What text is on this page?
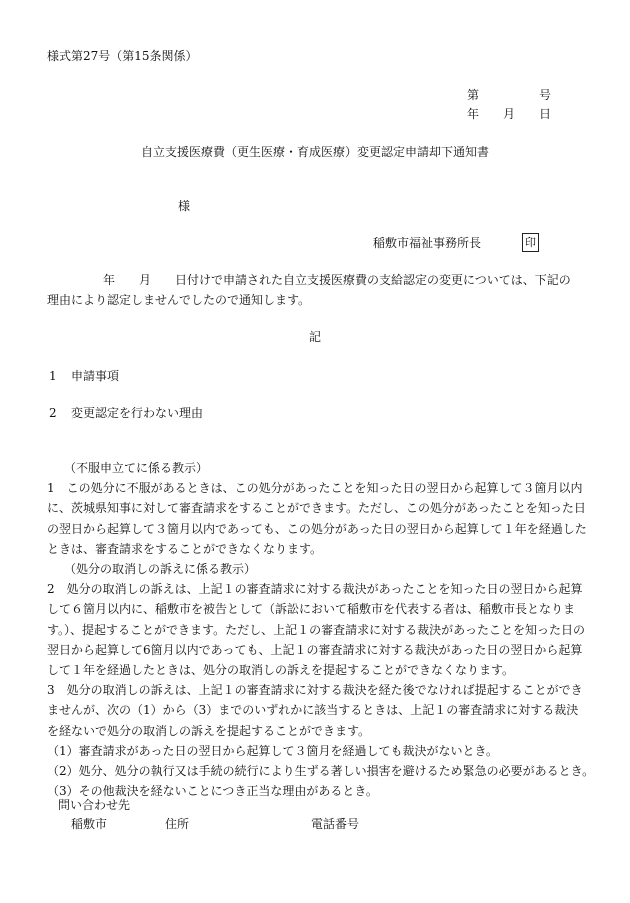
様式第27号（第15条関係）
第	号
年 月 日
自立支援医療費（更生医療・育成医療）変更認定申請却下通知書
様
稲敷市福祉事務所長	印
年 月 日付けで申請された自立支援医療費の支給認定の変更については、下記の理由により認定しませんでしたので通知します。
記
1 申請事項
2 変更認定を行わない理由
（不服申立てに係る教示）
1　この処分に不服があるときは、この処分があったことを知った日の翌日から起算して３箇月以内
に、茨城県知事に対して審査請求をすることができます。ただし、この処分があったことを知った日
の翌日から起算して３箇月以内であっても、この処分があった日の翌日から起算して１年を経過した
ときは、審査請求をすることができなくなります。
（処分の取消しの訴えに係る教示）
2　処分の取消しの訴えは、上記１の審査請求に対する裁決があったことを知った日の翌日から起算
して６箇月以内に、稲敷市を被告として（訴訟において稲敷市を代表する者は、稲敷市長となりま
す。）、提起することができます。ただし、上記１の審査請求に対する裁決があったことを知った日の
翌日から起算して6箇月以内であっても、上記１の審査請求に対する裁決があった日の翌日から起算
して１年を経過したときは、処分の取消しの訴えを提起することができなくなります。
3　処分の取消しの訴えは、上記１の審査請求に対する裁決を経た後でなければ提起することができ
ませんが、次の（1）から（3）までのいずれかに該当するときは、上記１の審査請求に対する裁決
を経ないで処分の取消しの訴えを提起することができます。
（1）審査請求があった日の翌日から起算して３箇月を経過しても裁決がないとき。
（2）処分、処分の執行又は手続の続行により生ずる著しい損害を避けるため緊急の必要があるとき。
（3）その他裁決を経ないことにつき正当な理由があるとき。
問い合わせ先
稲敷市	住所	電話番号
